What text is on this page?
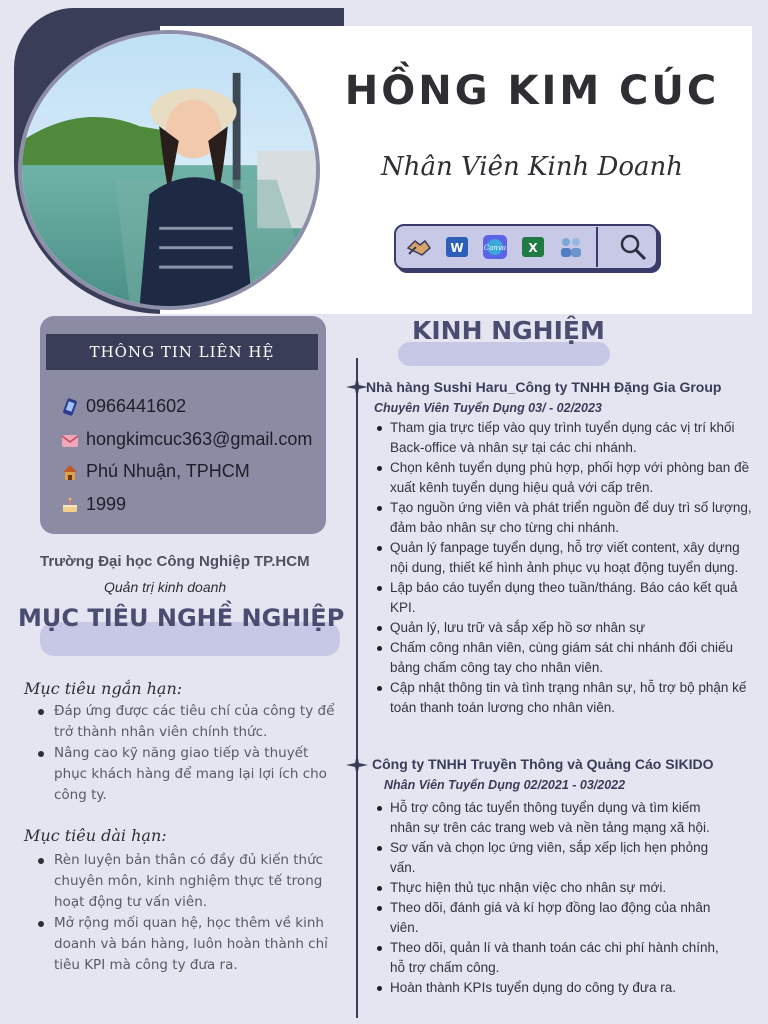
HỒNG KIM CÚC
Nhân Viên Kinh Doanh
W	Canva X
THÔNG TIN LIÊN HỆ
0966441602
hongkimcuc363@gmail.com
Phú Nhuận, TPHCM
1999
Trường Đại học Công Nghiệp TP.HCM
Quản trị kinh doanh
MỤC TIÊU NGHỀ NGHIỆP
Mục tiêu ngắn hạn:
Đáp ứng được các tiêu chí của công ty để trở thành nhân viên chính thức.
Nâng cao kỹ năng giao tiếp và thuyết phục khách hàng để mang lại lợi ích cho công ty.
Mục tiêu dài hạn:
Rèn luyện bản thân có đầy đủ kiến thức chuyên môn, kinh nghiệm thực tế trong hoạt động tư vấn viên.
Mở rộng mối quan hệ, học thêm về kinh doanh và bán hàng, luôn hoàn thành chỉ tiêu KPI mà công ty đưa ra.
KINH NGHIỆM
Nhà hàng Sushi Haru_Công ty TNHH Đặng Gia Group
Chuyên Viên Tuyển Dụng 03/ - 02/2023
Tham gia trực tiếp vào quy trình tuyển dụng các vị trí khối Back-office và nhân sự tại các chi nhánh.
Chọn kênh tuyển dụng phù hợp, phối hợp với phòng ban đề xuất kênh tuyển dụng hiệu quả với cấp trên.
Tạo nguồn ứng viên và phát triển nguồn để duy trì số lượng, đảm bảo nhân sự cho từng chi nhánh.
Quản lý fanpage tuyển dụng, hỗ trợ viết content, xây dựng nội dung, thiết kế hình ảnh phục vụ hoạt động tuyển dụng.
Lập báo cáo tuyển dụng theo tuần/tháng. Báo cáo kết quả KPI.
Quản lý, lưu trữ và sắp xếp hồ sơ nhân sự
Chấm công nhân viên, cùng giám sát chi nhánh đối chiếu bảng chấm công tay cho nhân viên.
Cập nhật thông tin và tình trạng nhân sự, hỗ trợ bộ phận kế toán thanh toán lương cho nhân viên.
Công ty TNHH Truyền Thông và Quảng Cáo SIKIDO
Nhân Viên Tuyển Dụng 02/2021 - 03/2022
Hỗ trợ công tác tuyển thông tuyển dụng và tìm kiếm nhân sự trên các trang web và nền tảng mạng xã hội.
Sơ vấn và chọn lọc ứng viên, sắp xếp lịch hẹn phỏng vấn.
Thực hiện thủ tục nhận việc cho nhân sự mới.
Theo dõi, đánh giá và kí hợp đồng lao động của nhân viên.
Theo dõi, quản lí và thanh toán các chi phí hành chính, hỗ trợ chấm công.
Hoàn thành KPIs tuyển dụng do công ty đưa ra.
